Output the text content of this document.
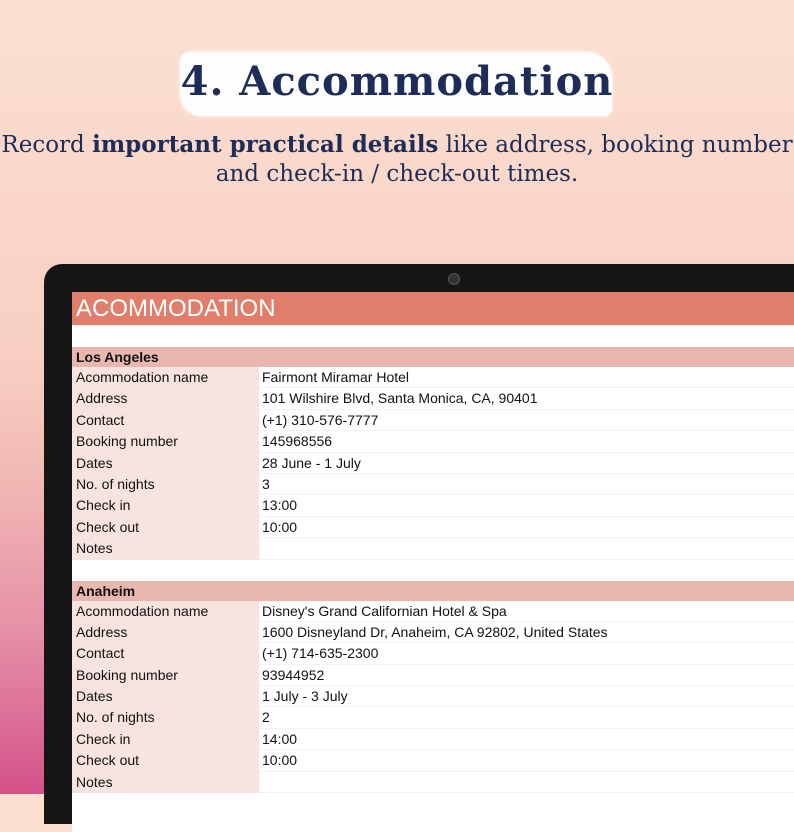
4. Accommodation
Record important practical details like address, booking number and check-in / check-out times.
ACOMMODATION
Los Angeles
Acommodation name	Fairmont Miramar Hotel
Address	101 Wilshire Blvd, Santa Monica, CA, 90401
Contact	(+1) 310-576-7777
Booking number	145968556
Dates	28 June - 1 July
No. of nights	3
Check in	13:00
Check out	10:00
Notes
Anaheim
Acommodation name	Disney's Grand Californian Hotel & Spa
Address	1600 Disneyland Dr, Anaheim, CA 92802, United States
Contact	(+1) 714-635-2300
Booking number	93944952
Dates	1 July - 3 July
No. of nights	2
Check in	14:00
Check out	10:00
Notes
